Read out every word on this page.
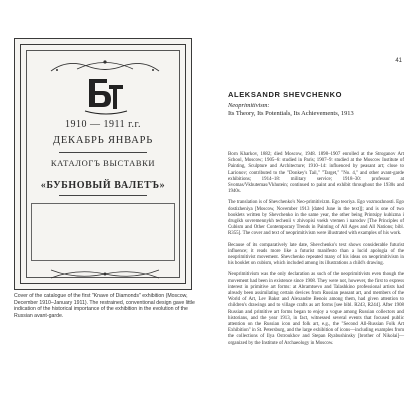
1910 — 1911 г.г.
ДЕКАБРЬ ЯНВАРЬ
КАТАЛОГЪ ВЫСТАВКИ
«БУБНОВЫЙ ВАЛЕТЪ»

Cover of the catalogue of the first "Knave of Diamonds" exhibition (Moscow, December 1910–January 1911). The restrained, conventional design gave little indication of the historical importance of the exhibition in the evolution of the Russian avant-garde.

41
ALEKSANDR SHEVCHENKO
Neoprimitivism:
Its Theory, Its Potentials, Its Achievements, 1913

Born Kharkov, 1882; died Moscow, 1948. 1898–1907 enrolled at the Stroganov Art School, Moscow; 1905–6: studied in Paris; 1907–9: studied at the Moscow Institute of Painting, Sculpture and Architecture; 1910–14: influenced by peasant art; close to Larionov; contributed to the "Donkey's Tail," "Target," "No. 4," and other avant-garde exhibitions; 1914–18: military service; 1918–30: professor at Svomas/Vkhutemas/Vkhutein; continued to paint and exhibit throughout the 1930s and 1940s.

The translation is of Shevchenko's Neo-primitivizm. Ego teoriya. Ego vozmozhnosti. Ego dostizheniya [Moscow, November 1913 [dated June in the text]]; and is one of two booklets written by Shevchenko in the same year, the other being Printsipy kubizma i drugikh sovremennykh techenii v zhivopisi vsekh vremen i narodov [The Principles of Cubism and Other Contemporary Trends in Painting of All Ages and All Nations; bibl. R355]. The cover and text of neoprimitivism were illustrated with examples of his work.

Because of its comparatively late date, Shevchenko's text shows considerable futurist influence; it reads more like a futurist manifesto than a lucid apologia of the neoprimitivist movement. Shevchenko repeated many of his ideas on neoprimitivism in his booklet on cubism, which included among its illustrations a child's drawing.

Neoprimitivism was the only declaration as such of the neoprimitivists even though the movement had been in existence since 1908. They were not, however, the first to express interest in primitive art forms: at Abramtsevo and Talashkino professional artists had already been assimilating certain devices from Russian peasant art, and members of the World of Art, Lev Bakst and Alexandre Benois among them, had given attention to children's drawings and to village crafts as art forms [see bibl. R243, R244]. After 1908 Russian and primitive art forms began to enjoy a vogue among Russian collectors and historians, and the year 1913, in fact, witnessed several events that focused public attention on the Russian icon and folk art, e.g., the "Second All-Russian Folk Art Exhibition" in St. Petersburg, and the large exhibition of icons—including examples from the collections of Ilya Ostroukhov and Stepan Ryabushinsky [brother of Nikolai]—organized by the Institute of Archaeology in Moscow.
